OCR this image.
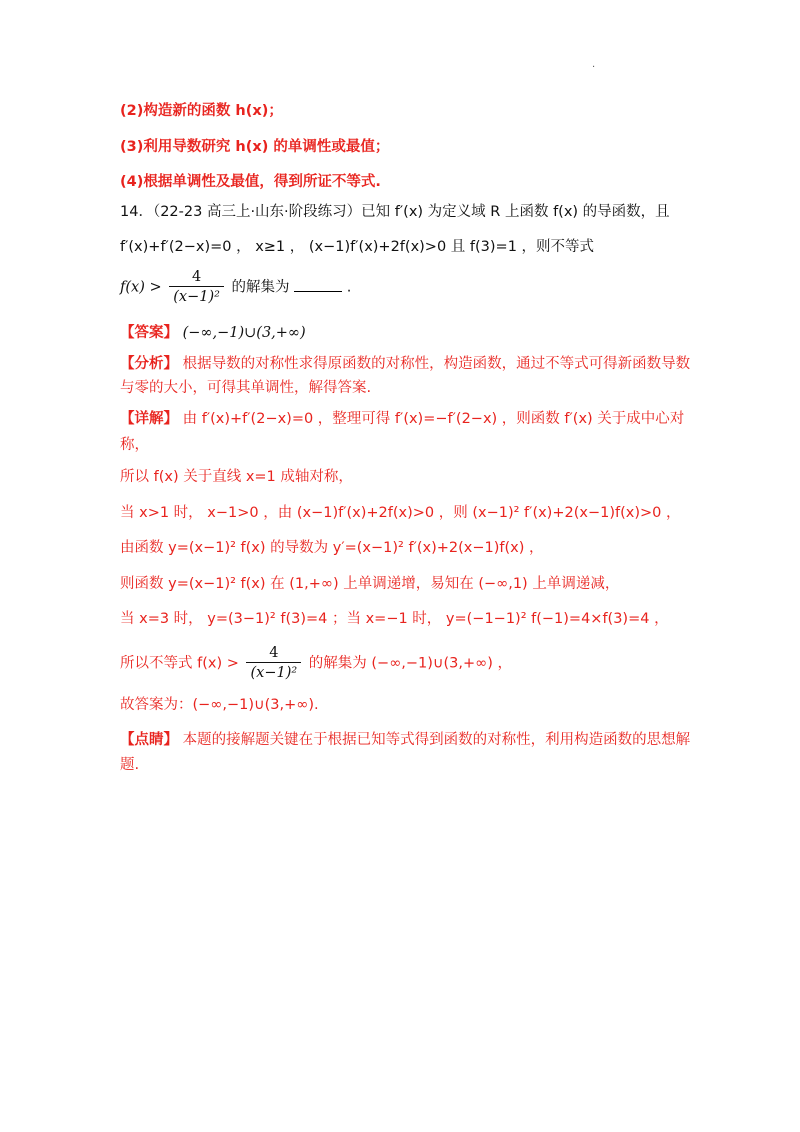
·
(2)构造新的函数 h(x)；
(3)利用导数研究 h(x) 的单调性或最值；
(4)根据单调性及最值，得到所证不等式.
14．（22-23 高三上·山东·阶段练习）已知 f′(x) 为定义域 R 上函数 f(x) 的导函数，且
f′(x)+f′(2−x)=0 ， x≥1 ， (x−1)f′(x)+2f(x)>0 且 f(3)=1 ，则不等式
$f(x) > \frac{4}{\text{(x−1)²}}$ 的解集为	.
【答案】 (−∞,−1)∪(3,+∞)
【分析】 根据导数的对称性求得原函数的对称性，构造函数，通过不等式可得新函数导数
与零的大小，可得其单调性，解得答案.
【详解】 由 f′(x)+f′(2−x)=0 ，整理可得 f′(x)=−f′(2−x) ，则函数 f′(x) 关于成中心对
称，
所以 f(x) 关于直线 x=1 成轴对称，
当 x>1 时， x−1>0 ，由 (x−1)f′(x)+2f(x)>0 ，则 (x−1)² f′(x)+2(x−1)f(x)>0 ，
由函数 y=(x−1)² f(x) 的导数为 y′=(x−1)² f′(x)+2(x−1)f(x) ，
则函数 y=(x−1)² f(x) 在 (1,+∞) 上单调递增，易知在 (−∞,1) 上单调递减，
当 x=3 时， y=(3−1)² f(3)=4 ；当 x=−1 时， y=(−1−1)² f(−1)=4×f(3)=4 ，
所以不等式 $f(x) > \frac{4}{\text{(x−1)²}}$ 的解集为 (−∞,−1)∪(3,+∞) ，
故答案为：(−∞,−1)∪(3,+∞).
【点睛】 本题的接解题关键在于根据已知等式得到函数的对称性，利用构造函数的思想解
题.
